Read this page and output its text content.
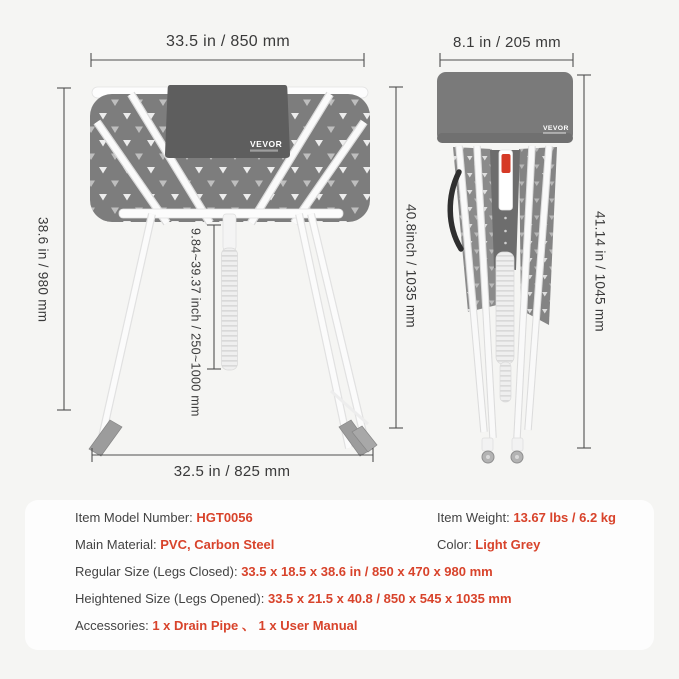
VEVOR
VEVOR
33.5 in / 850 mm	8.1 in / 205 mm
38.6 in / 980 mm	9.84~39.37 inch / 250~1000 mm	40.8inch / 1035 mm	41.14 in / 1045 mm
32.5 in / 825 mm
Item Model Number: HGT0056	Item Weight: 13.67 lbs / 6.2 kg
Main Material: PVC, Carbon Steel	Color: Light Grey
Regular Size (Legs Closed): 33.5 x 18.5 x 38.6 in / 850 x 470 x 980 mm
Heightened Size (Legs Opened): 33.5 x 21.5 x 40.8 / 850 x 545 x 1035 mm
Accessories: 1 x Drain Pipe 、 1 x User Manual
